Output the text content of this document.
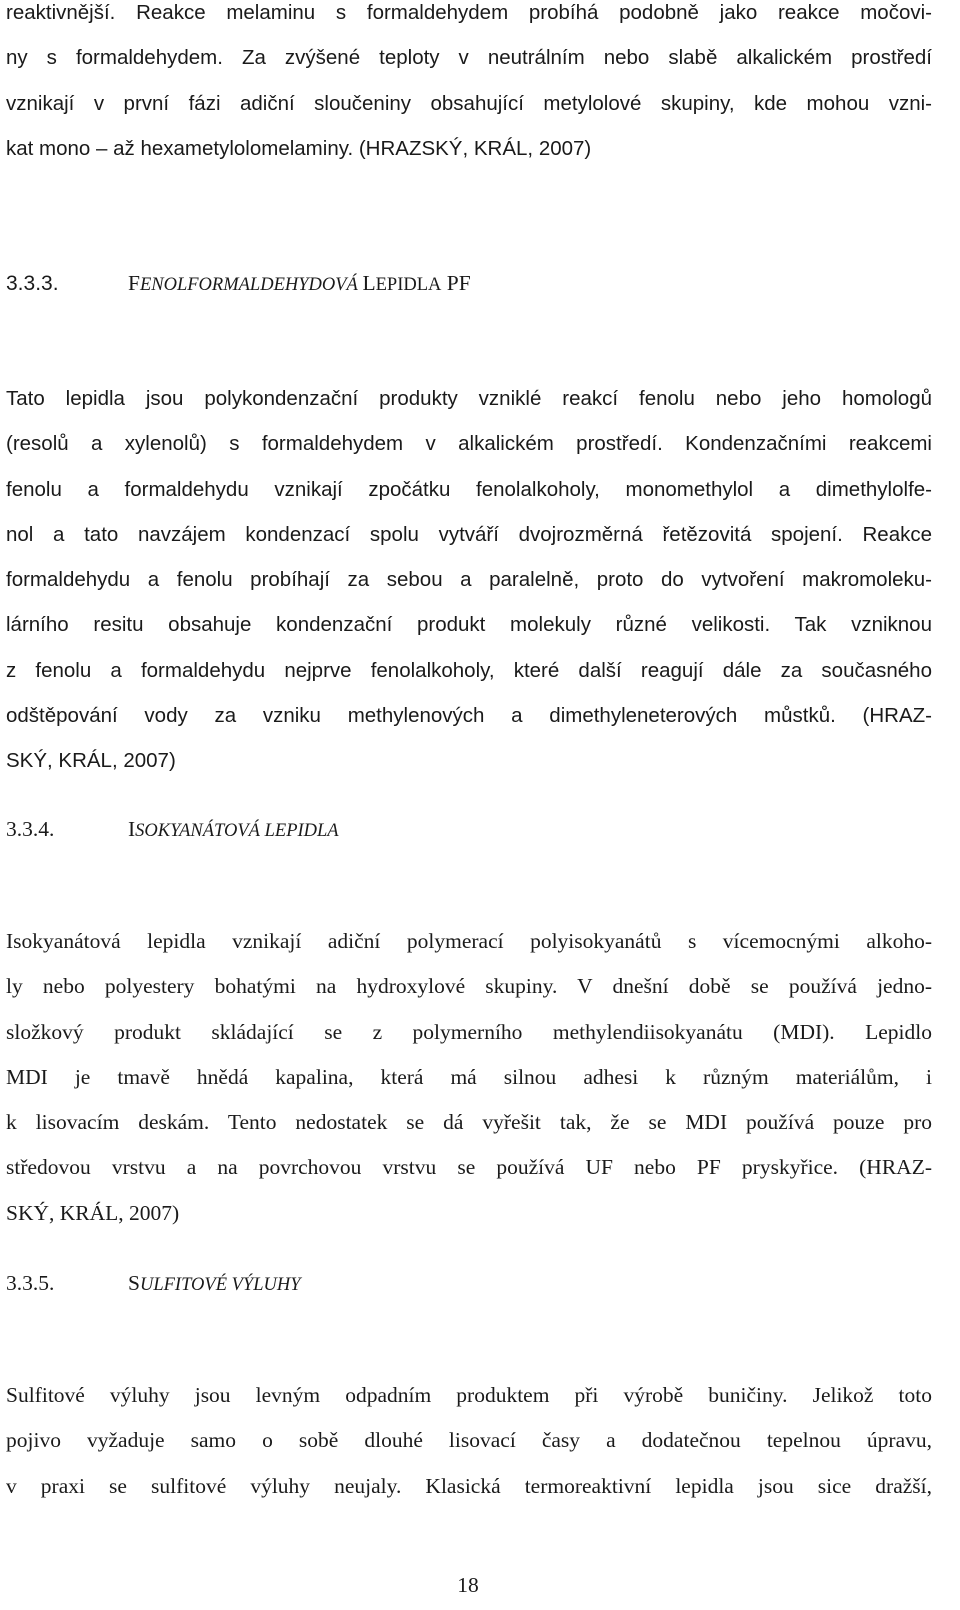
reaktivnější. Reakce melaminu s formaldehydem probíhá podobně jako reakce močovi-
ny s formaldehydem. Za zvýšené teploty v neutrálním nebo slabě alkalickém prostředí
vznikají v první fázi adiční sloučeniny obsahující metylolové skupiny, kde mohou vzni-
kat mono – až hexametylolomelaminy. (HRAZSKÝ, KRÁL, 2007)
3.3.3.	FENOLFORMALDEHYDOVÁ LEPIDLA PF
Tato lepidla jsou polykondenzační produkty vzniklé reakcí fenolu nebo jeho homologů
(resolů a xylenolů) s formaldehydem v alkalickém prostředí. Kondenzačními reakcemi
fenolu a formaldehydu vznikají zpočátku fenolalkoholy, monomethylol a dimethylolfe-
nol a tato navzájem kondenzací spolu vytváří dvojrozměrná řetězovitá spojení. Reakce
formaldehydu a fenolu probíhají za sebou a paralelně, proto do vytvoření makromoleku-
lárního resitu obsahuje kondenzační produkt molekuly různé velikosti. Tak vzniknou
z fenolu a formaldehydu nejprve fenolalkoholy, které další reagují dále za současného
odštěpování vody za vzniku methylenových a dimethyleneterových můstků. (HRAZ-
SKÝ, KRÁL, 2007)
3.3.4.	ISOKYANÁTOVÁ LEPIDLA
Isokyanátová lepidla vznikají adiční polymerací polyisokyanátů s vícemocnými alkoho-
ly nebo polyestery bohatými na hydroxylové skupiny. V dnešní době se používá jedno-
složkový produkt skládající se z polymerního methylendiisokyanátu (MDI). Lepidlo
MDI je tmavě hnědá kapalina, která má silnou adhesi k různým materiálům, i
k lisovacím deskám. Tento nedostatek se dá vyřešit tak, že se MDI používá pouze pro
středovou vrstvu a na povrchovou vrstvu se používá UF nebo PF pryskyřice. (HRAZ-
SKÝ, KRÁL, 2007)
3.3.5.	SULFITOVÉ VÝLUHY
Sulfitové výluhy jsou levným odpadním produktem při výrobě buničiny. Jelikož toto
pojivo vyžaduje samo o sobě dlouhé lisovací časy a dodatečnou tepelnou úpravu,
v praxi se sulfitové výluhy neujaly. Klasická termoreaktivní lepidla jsou sice dražší,
18
